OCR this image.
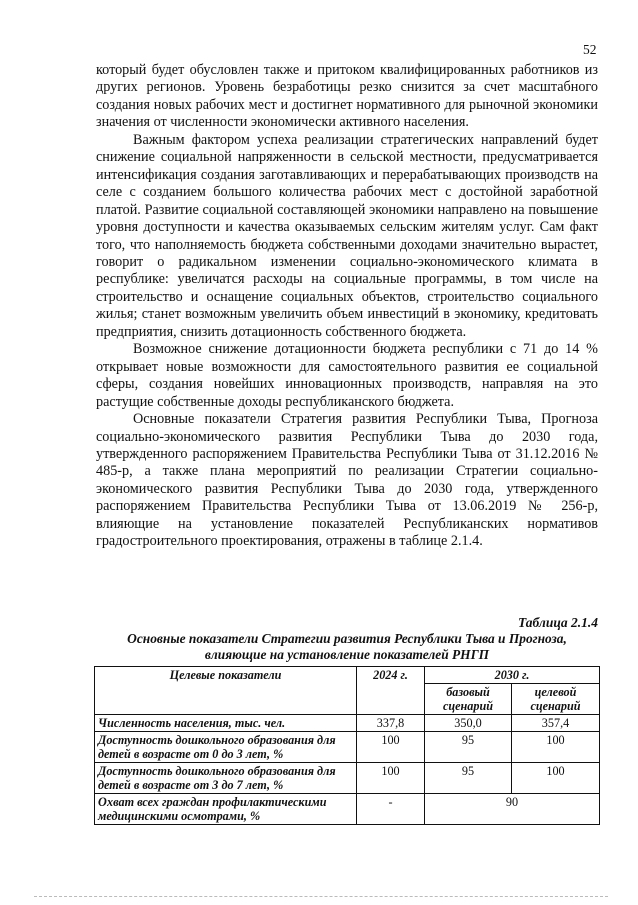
52

который будет обусловлен также и притоком квалифицированных работников из других регионов. Уровень безработицы резко снизится за счет масштабного создания новых рабочих мест и достигнет нормативного для рыночной экономики значения от численности экономически активного населения.

Важным фактором успеха реализации стратегических направлений будет снижение социальной напряженности в сельской местности, предусматривается интенсификация создания заготавливающих и перерабатывающих производств на селе с созданием большого количества рабочих мест с достойной заработной платой. Развитие социальной составляющей экономики направлено на повышение уровня доступности и качества оказываемых сельским жителям услуг. Сам факт того, что наполняемость бюджета собственными доходами значительно вырастет, говорит о радикальном изменении социально-экономического климата в республике: увеличатся расходы на социальные программы, в том числе на строительство и оснащение социальных объектов, строительство социального жилья; станет возможным увеличить объем инвестиций в экономику, кредитовать предприятия, снизить дотационность собственного бюджета.

Возможное снижение дотационности бюджета республики с 71 до 14 % открывает новые возможности для самостоятельного развития ее социальной сферы, создания новейших инновационных производств, направляя на это растущие собственные доходы республиканского бюджета.

Основные показатели Стратегия развития Республики Тыва, Прогноза социально-экономического развития Республики Тыва до 2030 года, утвержденного распоряжением Правительства Республики Тыва от 31.12.2016 № 485-р, а также плана мероприятий по реализации Стратегии социально-экономического развития Республики Тыва до 2030 года, утвержденного распоряжением Правительства Республики Тыва от 13.06.2019 № 256-р, влияющие на установление показателей Республиканских нормативов градостроительного проектирования, отражены в таблице 2.1.4.

Таблица 2.1.4
Основные показатели Стратегии развития Республики Тыва и Прогноза, влияющие на установление показателей РНГП
Целевые показатели	2024 г.	2030 г.	
		базовый сценарий	целевой сценарий
Численность населения, тыс. чел.	337,8	350,0	357,4
Доступность дошкольного образования для детей в возрасте от 0 до 3 лет, %	100	95	100
Доступность дошкольного образования для детей в возрасте от 3 до 7 лет, %	100	95	100
Охват всех граждан профилактическими медицинскими осмотрами, %	-	90	
